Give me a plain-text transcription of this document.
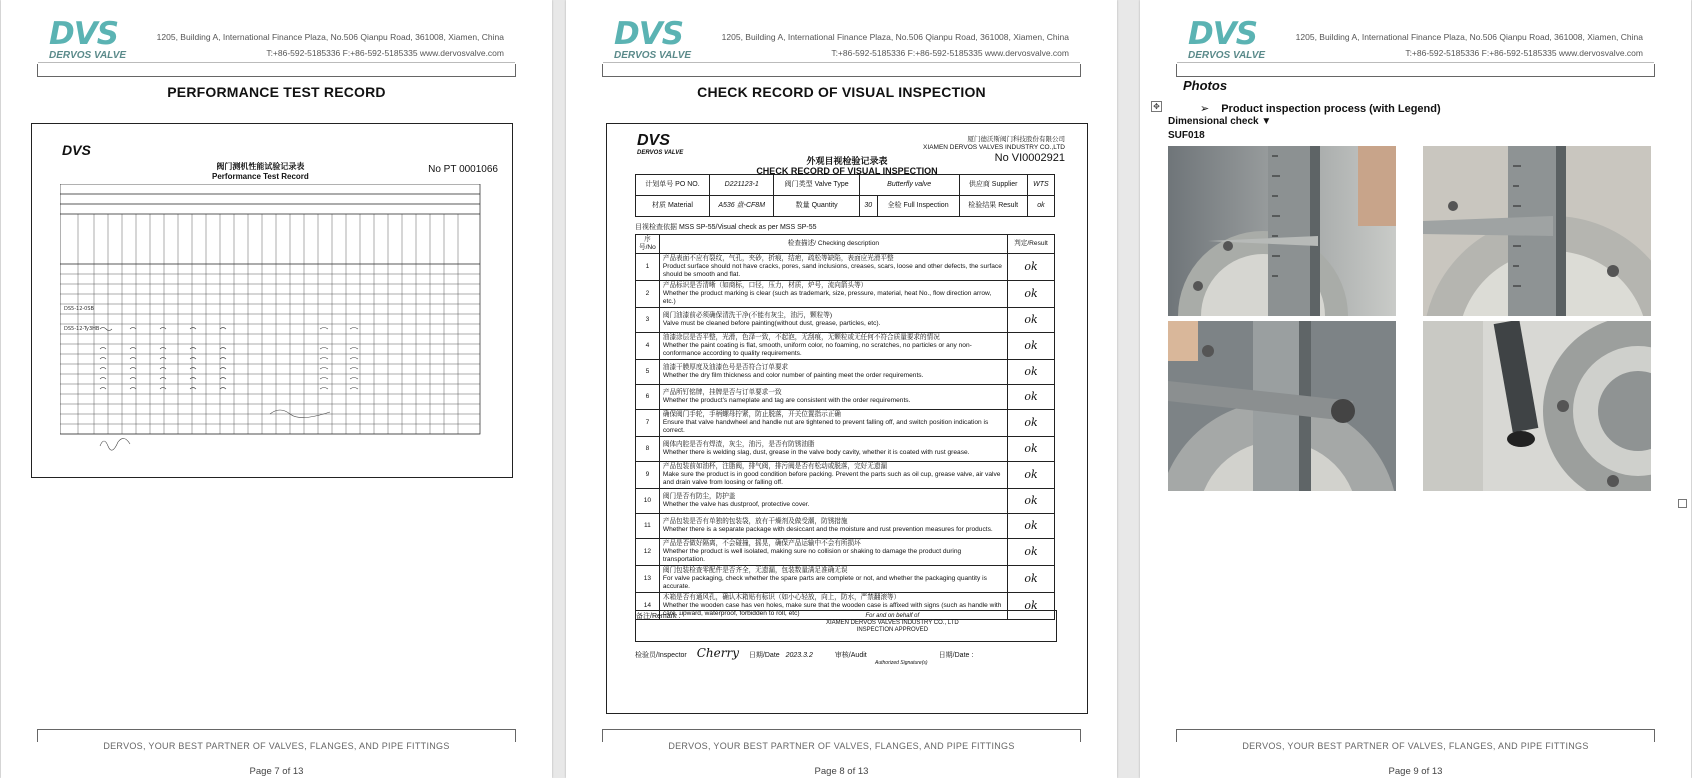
DVS
DERVOS VALVE
1205, Building A, International Finance Plaza, No.506 Qianpu Road, 361008, Xiamen, China
T:+86-592-5185336 F:+86-592-5185335 www.dervosvalve.com
PERFORMANCE TEST RECORD
DVS
阀门测机性能试验记录表
Performance Test Record
No PT 0001066
DS5-12-0SB
DS5-12-Ty3HB
DERVOS, YOUR BEST PARTNER OF VALVES, FLANGES, AND PIPE FITTINGS
Page 7 of 13
DVS
DERVOS VALVE
1205, Building A, International Finance Plaza, No.506 Qianpu Road, 361008, Xiamen, China
T:+86-592-5185336 F:+86-592-5185335 www.dervosvalve.com
CHECK RECORD OF VISUAL INSPECTION
DVS
DERVOS VALVE
厦门德沃斯阀门科技股份有限公司
XIAMEN DERVOS VALVES INDUSTRY CO.,LTD
外观目视检验记录表
CHECK RECORD OF VISUAL INSPECTION
No VI0002921
计划单号 PO NO.	D221123-1	阀门类型 Valve Type	Butterfly valve		供应商 Supplier	WTS
材质 Material	A536 盘-CF8M	数量 Quantity	30	全检 Full Inspection	检验结果 Result	ok
目视检查依据 MSS SP-55/Visual check as per MSS SP-55
序号/No	检查描述/ Checking description	判定/Result
1	产品表面不应有裂纹，气孔，夹砂，折痕，结疤，疏松等缺陷，表面应光滑平整
Product surface should not have cracks, pores, sand inclusions, creases, scars, loose and other defects, the surface should be smooth and flat.	ok
2	产品标识是否清晰（如商标，口径，压力，材质，炉号，流向箭头等）
Whether the product marking is clear (such as trademark, size, pressure, material, heat No., flow direction arrow, etc.)	ok
3	阀门油漆前必须确保清洗干净(不能有灰尘，油污，颗粒等)
Valve must be cleaned before painting(without dust, grease, particles, etc).	ok
4	油漆涂层是否平整，光滑，色泽一致，不起泡，无刮痕，无颗粒或无任何不符合质量要求的情况
Whether the paint coating is flat, smooth, uniform color, no foaming, no scratches, no particles or any non-conformance according to quality requirements.	ok
5	油漆干膜厚度及油漆色号是否符合订单要求
Whether the dry film thickness and color number of painting meet the order requirements.	ok
6	产品所钉铭牌，挂牌是否与订单要求一致
Whether the product's nameplate and tag are consistent with the order requirements.	ok
7	确保阀门手轮，手柄螺母拧紧，防止脱落，开关位置指示正确
Ensure that valve handwheel and handle nut are tightened to prevent falling off, and switch position indication is correct.	ok
8	阀体内腔是否有焊渣，灰尘，油污，是否有防锈油脂
Whether there is welding slag, dust, grease in the valve body cavity, whether it is coated with rust grease.	ok
9	产品包装前如油杯，注脂阀，排气阀，排污阀是否有松动或脱落，完好无遗漏
Make sure the product is in good condition before packing. Prevent the parts such as oil cup, grease valve, air valve and drain valve from loosing or falling off.	ok
10	阀门是否有防尘，防护盖
Whether the valve has dustproof, protective cover.	ok
11	产品包装是否有单独的包装袋，放有干燥剂及做受潮，防锈措施
Whether there is a separate package with desiccant and the moisture and rust prevention measures for products.	ok
12	产品是否做好隔离，不会碰撞，摇晃，确保产品运输中不会有所损坏
Whether the product is well isolated, making sure no collision or shaking to damage the product during transportation.	ok
13	阀门包装检查零配件是否齐全，无遗漏，包装数量满足准确无误
For valve packaging, check whether the spare parts are complete or not, and whether the packaging quantity is accurate.	ok
14	木箱是否有通风孔，确认木箱贴有标识（如小心轻放，向上，防水，严禁翻滚等）
Whether the wooden case has ven holes, make sure that the wooden case is affixed with signs (such as handle with care, upward, waterproof, forbidden to roll, etc)	ok
备注/Remark :	For and on behalf of
XIAMEN DERVOS VALVES INDUSTRY CO., LTD
INSPECTION APPROVED
检验员/Inspector Cherry 日期/Date 2023.3.2	审核/Audit	日期/Date :
Authorized Signature(s)
DERVOS, YOUR BEST PARTNER OF VALVES, FLANGES, AND PIPE FITTINGS
Page 8 of 13
DVS
DERVOS VALVE
1205, Building A, International Finance Plaza, No.506 Qianpu Road, 361008, Xiamen, China
T:+86-592-5185336 F:+86-592-5185335 www.dervosvalve.com
Photos
✥	➢ Product inspection process (with Legend)
Dimensional check ▼
SUF018
DERVOS, YOUR BEST PARTNER OF VALVES, FLANGES, AND PIPE FITTINGS
Page 9 of 13
